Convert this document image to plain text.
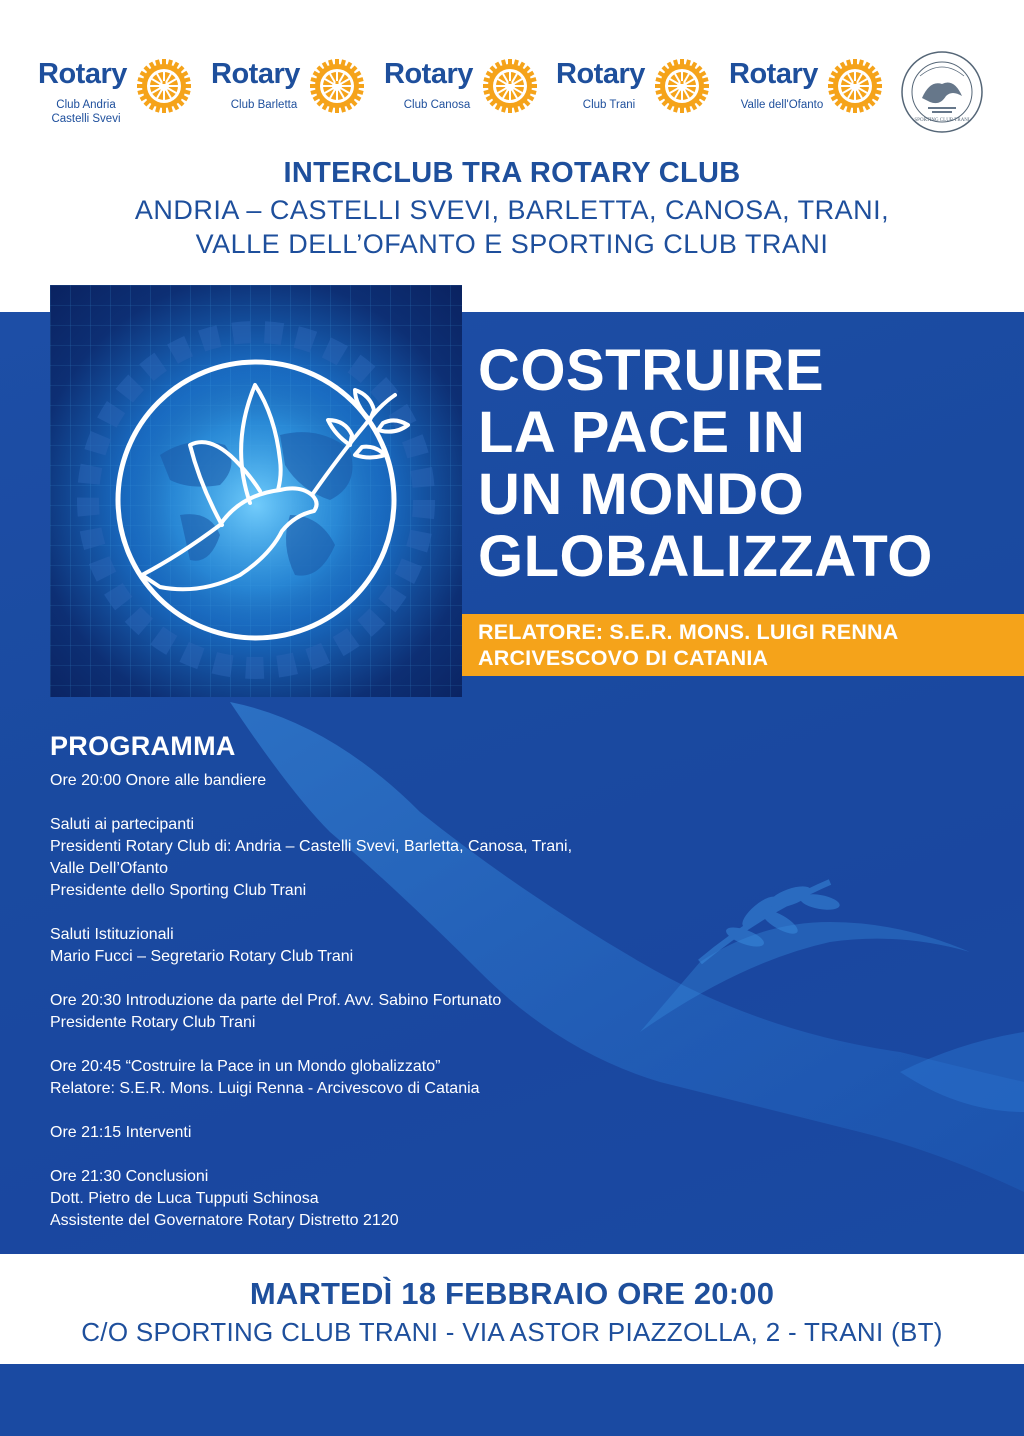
Rotary
Club Andria
Castelli Svevi
Rotary
Club Barletta
Rotary
Club Canosa
Rotary
Club Trani
Rotary
Valle dell'Ofanto
SPORTING CLUB TRANI
INTERCLUB TRA ROTARY CLUB
ANDRIA – CASTELLI SVEVI, BARLETTA, CANOSA, TRANI,
VALLE DELL’OFANTO E SPORTING CLUB TRANI
COSTRUIRE
LA PACE IN
UN MONDO
GLOBALIZZATO
RELATORE: S.E.R. MONS. LUIGI RENNA
ARCIVESCOVO DI CATANIA
PROGRAMMA
Ore 20:00 Onore alle bandiere
Saluti ai partecipanti
Presidenti Rotary Club di: Andria – Castelli Svevi, Barletta, Canosa, Trani,
Valle Dell’Ofanto
Presidente dello Sporting Club Trani
Saluti Istituzionali
Mario Fucci – Segretario Rotary Club Trani
Ore 20:30 Introduzione da parte del Prof. Avv. Sabino Fortunato
Presidente Rotary Club Trani
Ore 20:45 “Costruire la Pace in un Mondo globalizzato”
Relatore: S.E.R. Mons. Luigi Renna - Arcivescovo di Catania
Ore 21:15 Interventi
Ore 21:30 Conclusioni
Dott. Pietro de Luca Tupputi Schinosa
Assistente del Governatore Rotary Distretto 2120
MARTEDÌ 18 FEBBRAIO ORE 20:00
C/O SPORTING CLUB TRANI - VIA ASTOR PIAZZOLLA, 2 - TRANI (BT)
